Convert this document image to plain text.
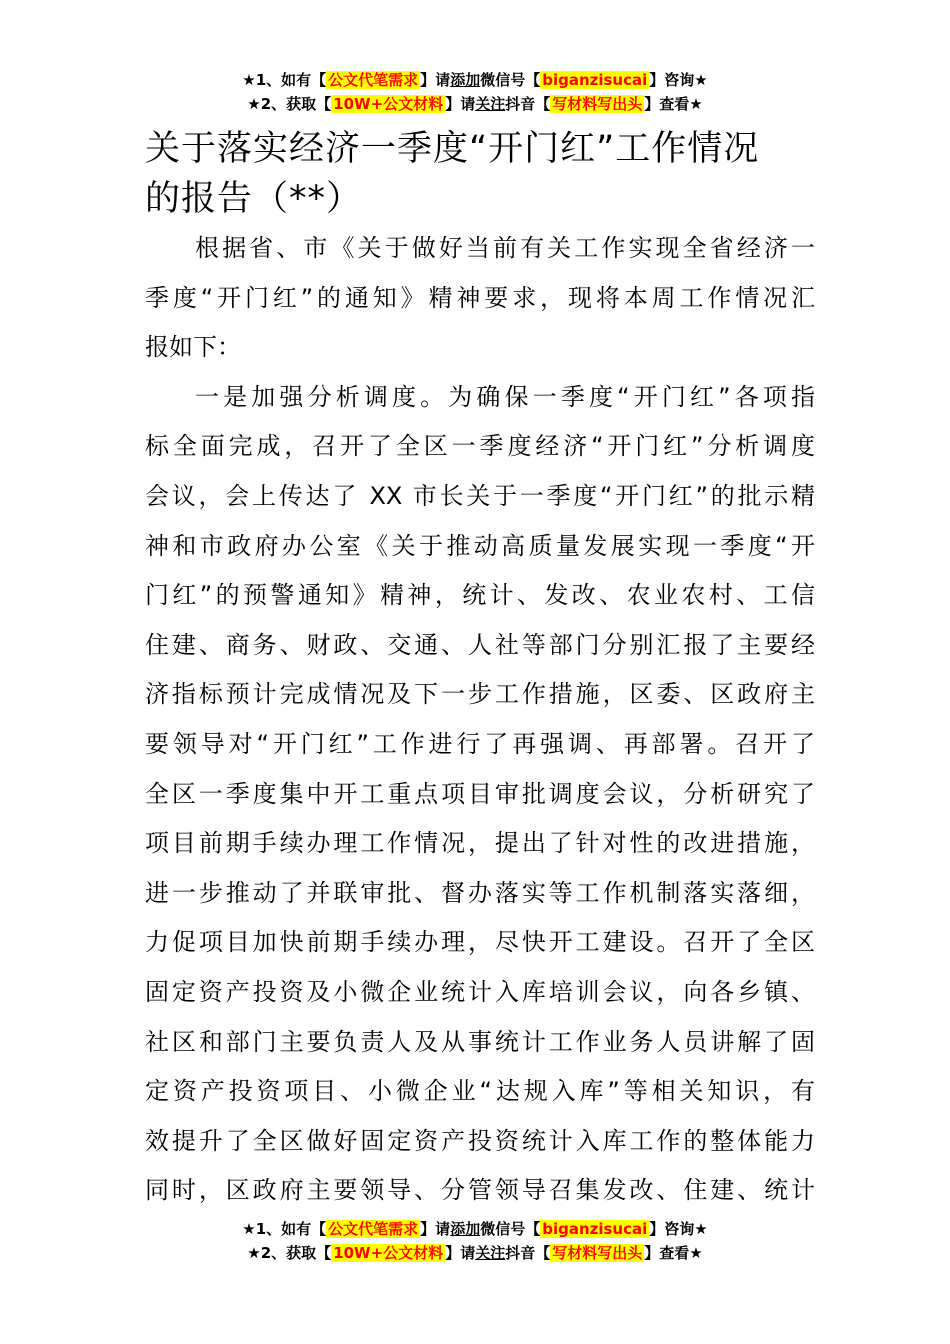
★1、如有【 公文代笔需求 】请添加微信号【 biganzisucai 】咨询★
★2、获取【 10W+公文材料 】请关注抖音【 写材料写出头 】查看★
关于落实经济一季度“开门红”工作情况
的报告（**）
根据省、市《关于做好当前有关工作实现全省经济一
季度“开门红”的通知》精神要求，现将本周工作情况汇
报如下：
一是加强分析调度。为确保一季度“开门红”各项指
标全面完成，召开了全区一季度经济“开门红”分析调度
会议，会上传达了 XX 市长关于一季度“开门红”的批示精
神和市政府办公室《关于推动高质量发展实现一季度“开
门红”的预警通知》精神，统计、发改、农业农村、工信
住建、商务、财政、交通、人社等部门分别汇报了主要经
济指标预计完成情况及下一步工作措施，区委、区政府主
要领导对“开门红”工作进行了再强调、再部署。召开了
全区一季度集中开工重点项目审批调度会议，分析研究了
项目前期手续办理工作情况，提出了针对性的改进措施，
进一步推动了并联审批、督办落实等工作机制落实落细，
力促项目加快前期手续办理，尽快开工建设。召开了全区
固定资产投资及小微企业统计入库培训会议，向各乡镇、
社区和部门主要负责人及从事统计工作业务人员讲解了固
定资产投资项目、小微企业“达规入库”等相关知识，有
效提升了全区做好固定资产投资统计入库工作的整体能力
同时，区政府主要领导、分管领导召集发改、住建、统计
★1、如有【 公文代笔需求 】请添加微信号【 biganzisucai 】咨询★
★2、获取【 10W+公文材料 】请关注抖音【 写材料写出头 】查看★
